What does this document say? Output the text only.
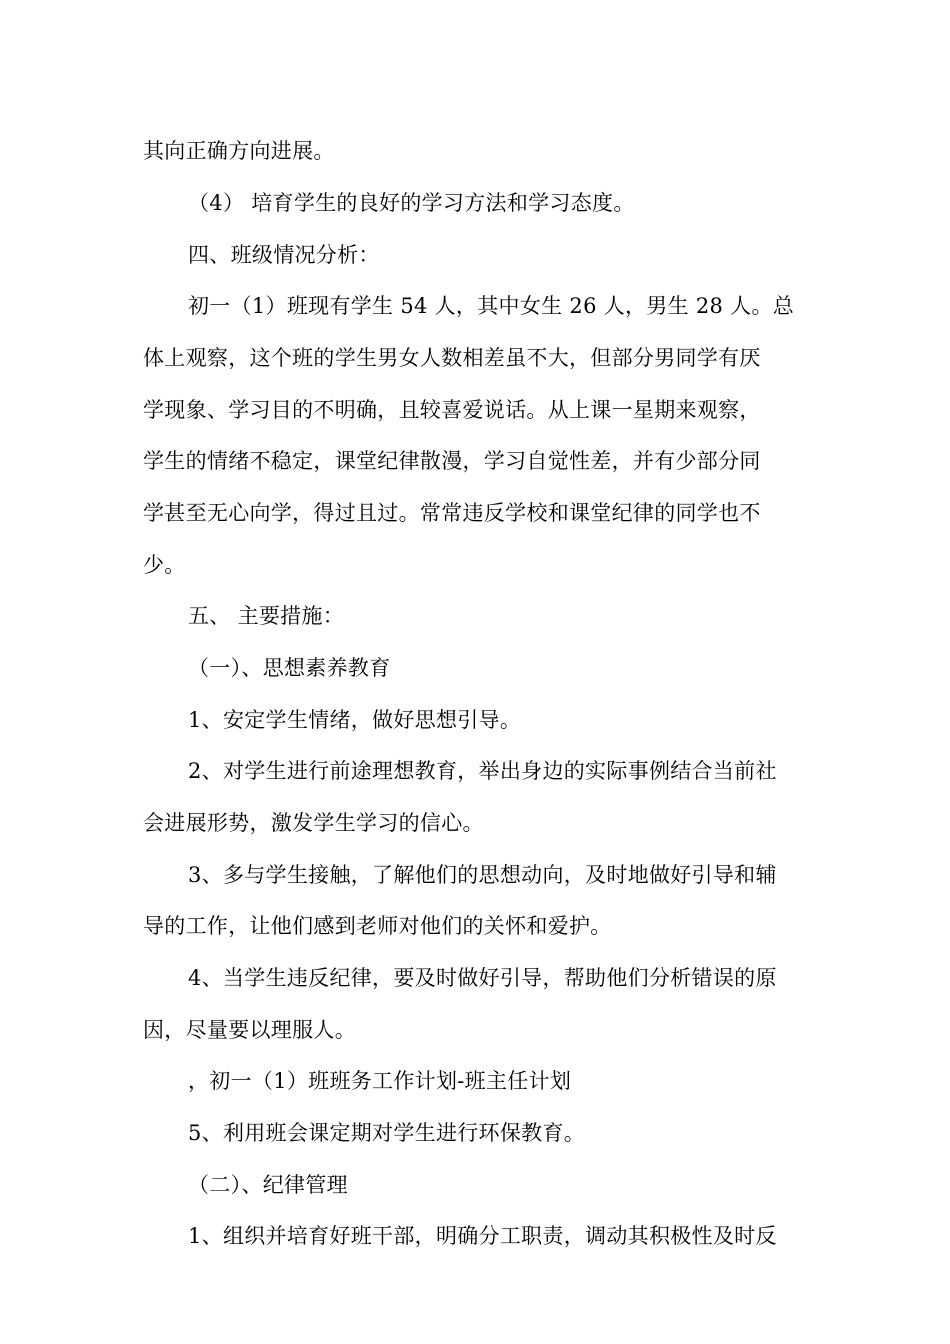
其向正确方向进展。

（4） 培育学生的良好的学习方法和学习态度。

四、班级情况分析：

初一（1）班现有学生 54 人，其中女生 26 人，男生 28 人。总

体上观察，这个班的学生男女人数相差虽不大，但部分男同学有厌

学现象、学习目的不明确，且较喜爱说话。从上课一星期来观察，

学生的情绪不稳定，课堂纪律散漫，学习自觉性差，并有少部分同

学甚至无心向学，得过且过。常常违反学校和课堂纪律的同学也不

少。

五、 主要措施：

（一）、思想素养教育

1、安定学生情绪，做好思想引导。

2、对学生进行前途理想教育，举出身边的实际事例结合当前社

会进展形势，激发学生学习的信心。

3、多与学生接触，了解他们的思想动向，及时地做好引导和辅

导的工作，让他们感到老师对他们的关怀和爱护。

4、当学生违反纪律，要及时做好引导，帮助他们分析错误的原

因，尽量要以理服人。

，初一（1）班班务工作计划-班主任计划

5、利用班会课定期对学生进行环保教育。

（二）、纪律管理

1、组织并培育好班干部，明确分工职责，调动其积极性及时反
